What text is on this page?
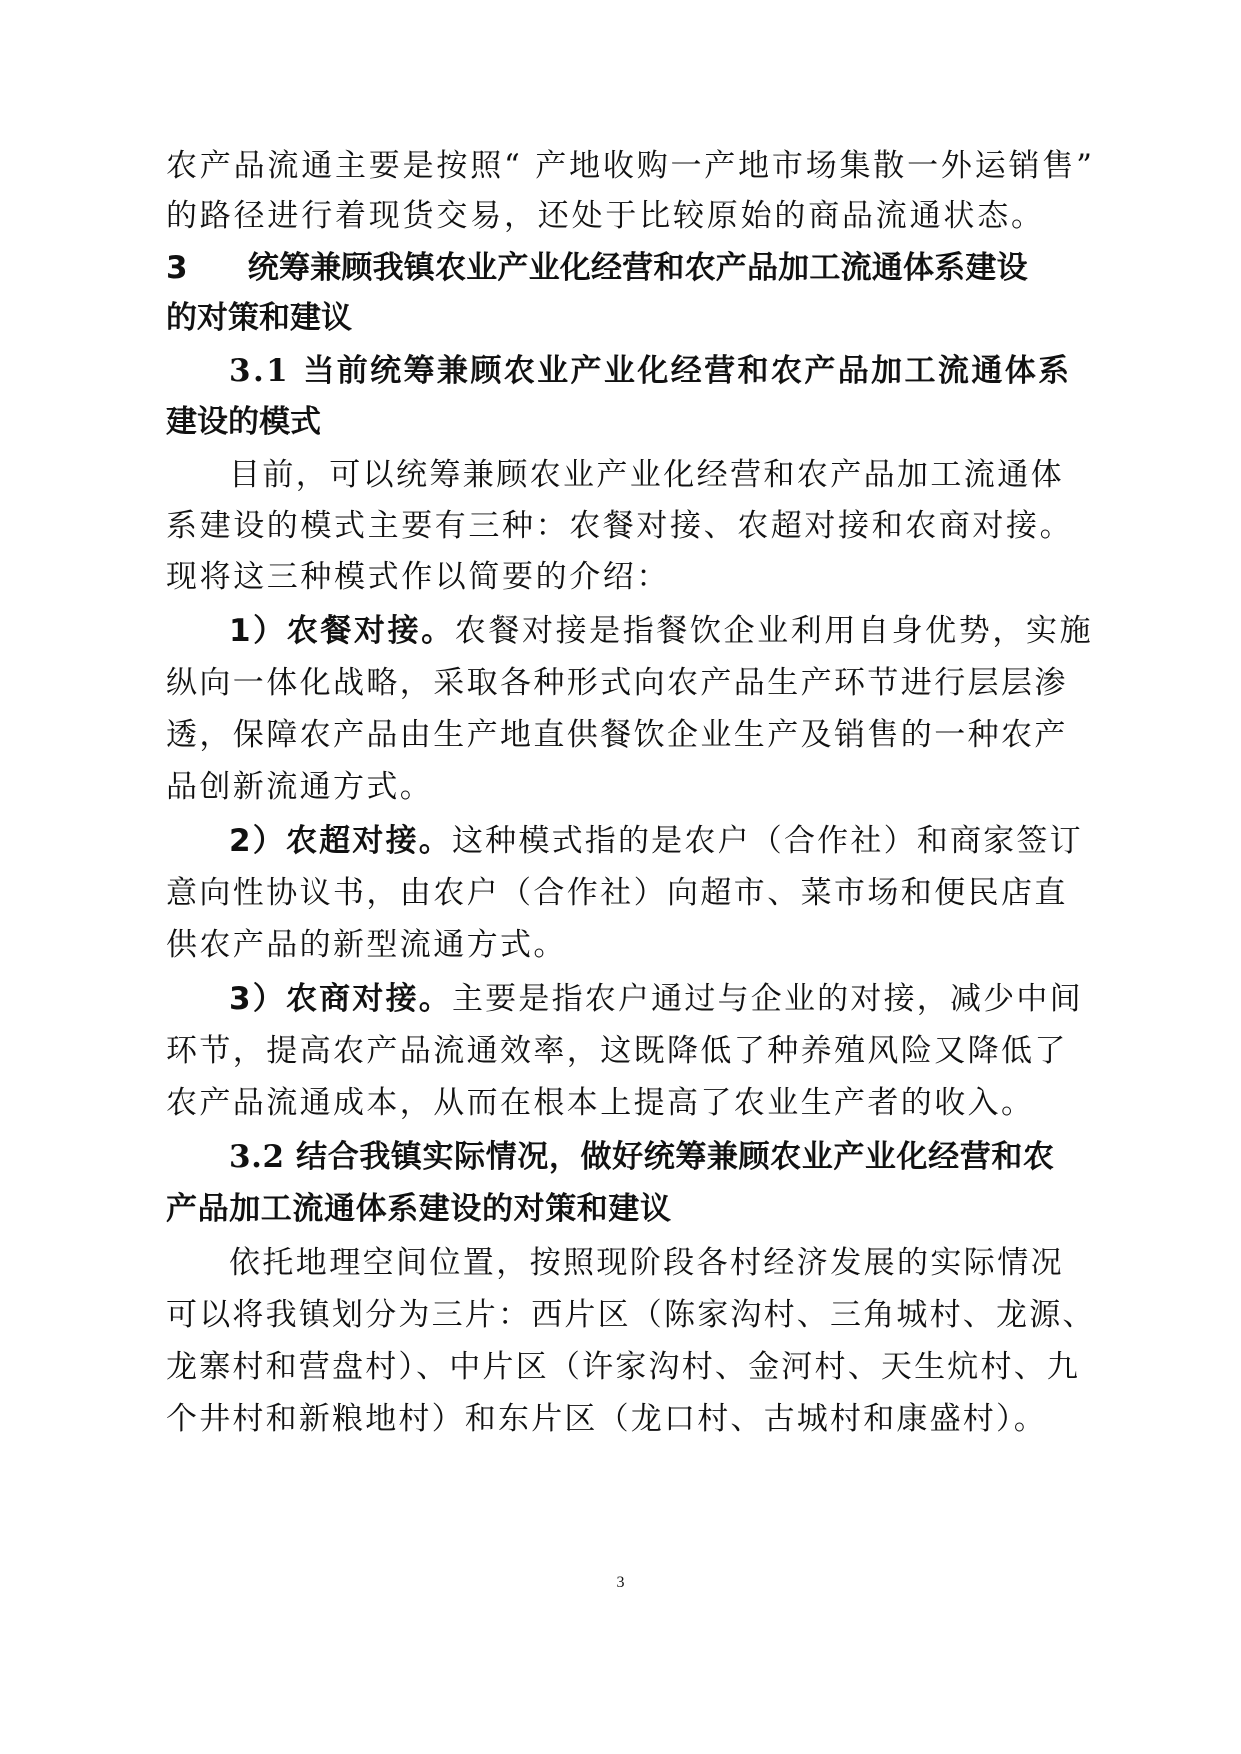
农产品流通主要是按照“ 产地收购一产地市场集散一外运销售”

的路径进行着现货交易，还处于比较原始的商品流通状态。

3 统筹兼顾我镇农业产业化经营和农产品加工流通体系建设

的对策和建议

3.1 当前统筹兼顾农业产业化经营和农产品加工流通体系

建设的模式

目前，可以统筹兼顾农业产业化经营和农产品加工流通体

系建设的模式主要有三种：农餐对接、农超对接和农商对接。

现将这三种模式作以简要的介绍：

1）农餐对接。农餐对接是指餐饮企业利用自身优势，实施

纵向一体化战略，采取各种形式向农产品生产环节进行层层渗

透，保障农产品由生产地直供餐饮企业生产及销售的一种农产

品创新流通方式。

2）农超对接。这种模式指的是农户（合作社）和商家签订

意向性协议书，由农户（合作社）向超市、菜市场和便民店直

供农产品的新型流通方式。

3）农商对接。主要是指农户通过与企业的对接，减少中间

环节，提高农产品流通效率，这既降低了种养殖风险又降低了

农产品流通成本，从而在根本上提高了农业生产者的收入。

3.2 结合我镇实际情况，做好统筹兼顾农业产业化经营和农

产品加工流通体系建设的对策和建议

依托地理空间位置，按照现阶段各村经济发展的实际情况

可以将我镇划分为三片：西片区（陈家沟村、三角城村、龙源、

龙寨村和营盘村）、中片区（许家沟村、金河村、天生炕村、九

个井村和新粮地村）和东片区（龙口村、古城村和康盛村）。

3
